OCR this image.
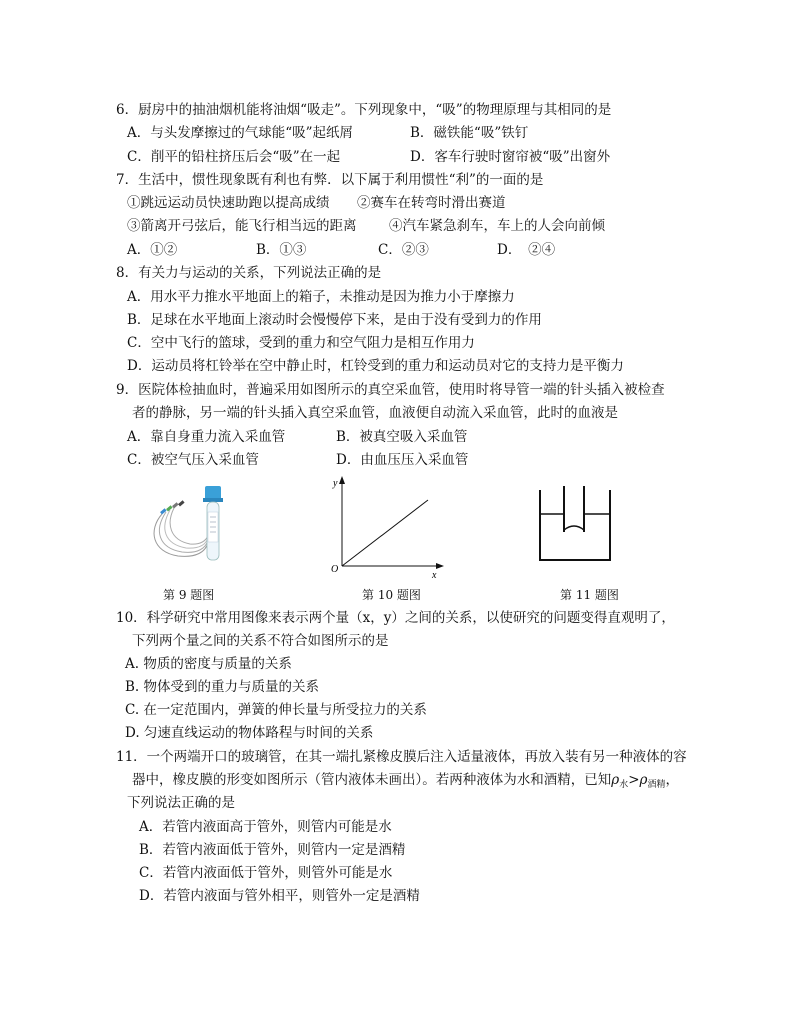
6．厨房中的抽油烟机能将油烟“吸走”。下列现象中，“吸”的物理原理与其相同的是
A．与头发摩擦过的气球能“吸”起纸屑	B．磁铁能“吸”铁钉
C．削平的铅柱挤压后会“吸”在一起	D．客车行驶时窗帘被“吸”出窗外
7．生活中，惯性现象既有利也有弊．以下属于利用惯性“利”的一面的是
①跳远运动员快速助跑以提高成绩 ②赛车在转弯时滑出赛道
③箭离开弓弦后，能飞行相当远的距离 ④汽车紧急刹车，车上的人会向前倾
A．①②	B．①③	C．②③	D．　②④
8．有关力与运动的关系，下列说法正确的是
A．用水平力推水平地面上的箱子，未推动是因为推力小于摩擦力
B．足球在水平地面上滚动时会慢慢停下来，是由于没有受到力的作用
C．空中飞行的篮球，受到的重力和空气阻力是相互作用力
D．运动员将杠铃举在空中静止时，杠铃受到的重力和运动员对它的支持力是平衡力
9．医院体检抽血时，普遍采用如图所示的真空采血管，使用时将导管一端的针头插入被检查
者的静脉，另一端的针头插入真空采血管，血液便自动流入采血管，此时的血液是
A．靠自身重力流入采血管	B．被真空吸入采血管
C．被空气压入采血管	D．由血压压入采血管
y
x
O
第 9 题图	第 10 题图	第 11 题图
10．科学研究中常用图像来表示两个量（x，y）之间的关系，以使研究的问题变得直观明了，
下列两个量之间的关系不符合如图所示的是
A. 物质的密度与质量的关系
B. 物体受到的重力与质量的关系
C. 在一定范围内，弹簧的伸长量与所受拉力的关系
D. 匀速直线运动的物体路程与时间的关系
11．一个两端开口的玻璃管，在其一端扎紧橡皮膜后注入适量液体，再放入装有另一种液体的容
器中，橡皮膜的形变如图所示（管内液体未画出）。若两种液体为水和酒精，已知$\rho_水>\rho_{酒精}$，
下列说法正确的是
A．若管内液面高于管外，则管内可能是水
B．若管内液面低于管外，则管内一定是酒精
C．若管内液面低于管外，则管外可能是水
D．若管内液面与管外相平，则管外一定是酒精
